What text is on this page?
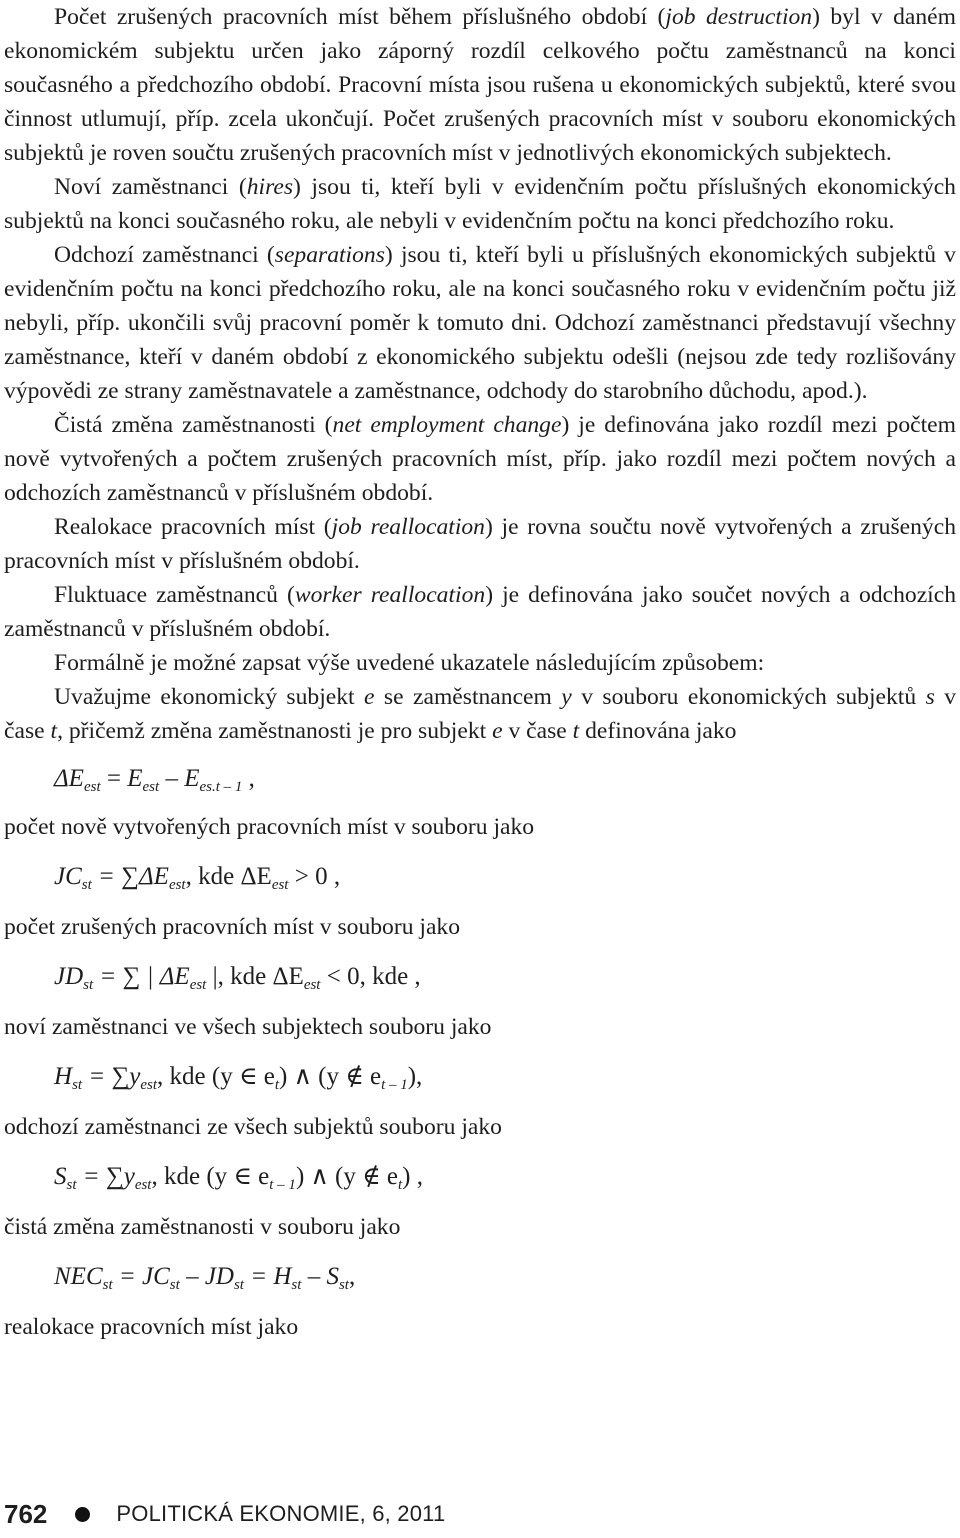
Počet zrušených pracovních míst během příslušného období (job destruction) byl v daném ekonomickém subjektu určen jako záporný rozdíl celkového počtu zaměstnanců na konci současného a předchozího období. Pracovní místa jsou rušena u ekonomických subjektů, které svou činnost utlumují, příp. zcela ukončují. Počet zrušených pracovních míst v souboru ekonomických subjektů je roven součtu zrušených pracovních míst v jednotlivých ekonomických subjektech.

Noví zaměstnanci (hires) jsou ti, kteří byli v evidenčním počtu příslušných ekonomických subjektů na konci současného roku, ale nebyli v evidenčním počtu na konci předchozího roku.

Odchozí zaměstnanci (separations) jsou ti, kteří byli u příslušných ekonomických subjektů v evidenčním počtu na konci předchozího roku, ale na konci současného roku v evidenčním počtu již nebyli, příp. ukončili svůj pracovní poměr k tomuto dni. Odchozí zaměstnanci představují všechny zaměstnance, kteří v daném období z ekonomického subjektu odešli (nejsou zde tedy rozlišovány výpovědi ze strany zaměstnavatele a zaměstnance, odchody do starobního důchodu, apod.).

Čistá změna zaměstnanosti (net employment change) je definována jako rozdíl mezi počtem nově vytvořených a počtem zrušených pracovních míst, příp. jako rozdíl mezi počtem nových a odchozích zaměstnanců v příslušném období.

Realokace pracovních míst (job reallocation) je rovna součtu nově vytvořených a zrušených pracovních míst v příslušném období.

Fluktuace zaměstnanců (worker reallocation) je definována jako součet nových a odchozích zaměstnanců v příslušném období.

Formálně je možné zapsat výše uvedené ukazatele následujícím způsobem:

Uvažujme ekonomický subjekt e se zaměstnancem y v souboru ekonomických subjektů s v čase t, přičemž změna zaměstnanosti je pro subjekt e v čase t definována jako

$\Delta E_{est} = E_{est} - E_{es.t - 1}$ ,

počet nově vytvořených pracovních míst v souboru jako

$JC_{st} = \sum\Delta E_{est}$, kde $\Delta E_{est} > 0$ ,

počet zrušených pracovních míst v souboru jako

$JD_{st}$ = ∑ | $\Delta E_{est}$ |, kde $\Delta E_{est} < 0$, kde ,

noví zaměstnanci ve všech subjektech souboru jako

$H_{st} = \sum y_{est}$, kde (y ∈ $e_t$) ∧ (y ∉ $e_{t - 1}$),

odchozí zaměstnanci ze všech subjektů souboru jako

$S_{st} = \sum y_{est}$, kde (y ∈ $e_{t - 1}$) ∧ (y ∉ $e_t$) ,

čistá změna zaměstnanosti v souboru jako

$NEC_{st} = JC_{st} - JD_{st} = H_{st} - S_{st}$,

realokace pracovních míst jako

762	POLITICKÁ EKONOMIE, 6, 2011
